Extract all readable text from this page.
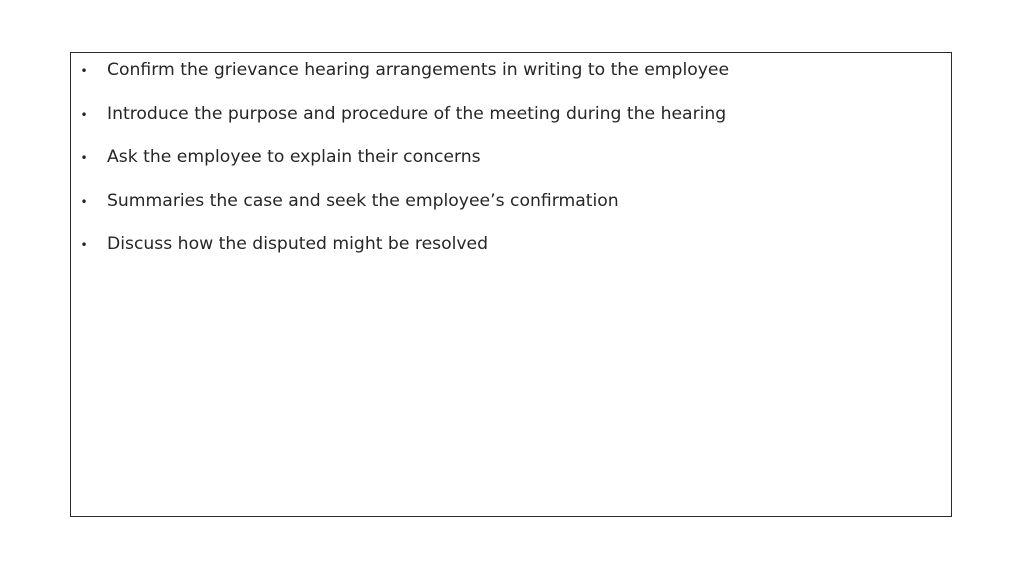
• Confirm the grievance hearing arrangements in writing to the employee
• Introduce the purpose and procedure of the meeting during the hearing
• Ask the employee to explain their concerns
• Summaries the case and seek the employee’s confirmation
• Discuss how the disputed might be resolved
